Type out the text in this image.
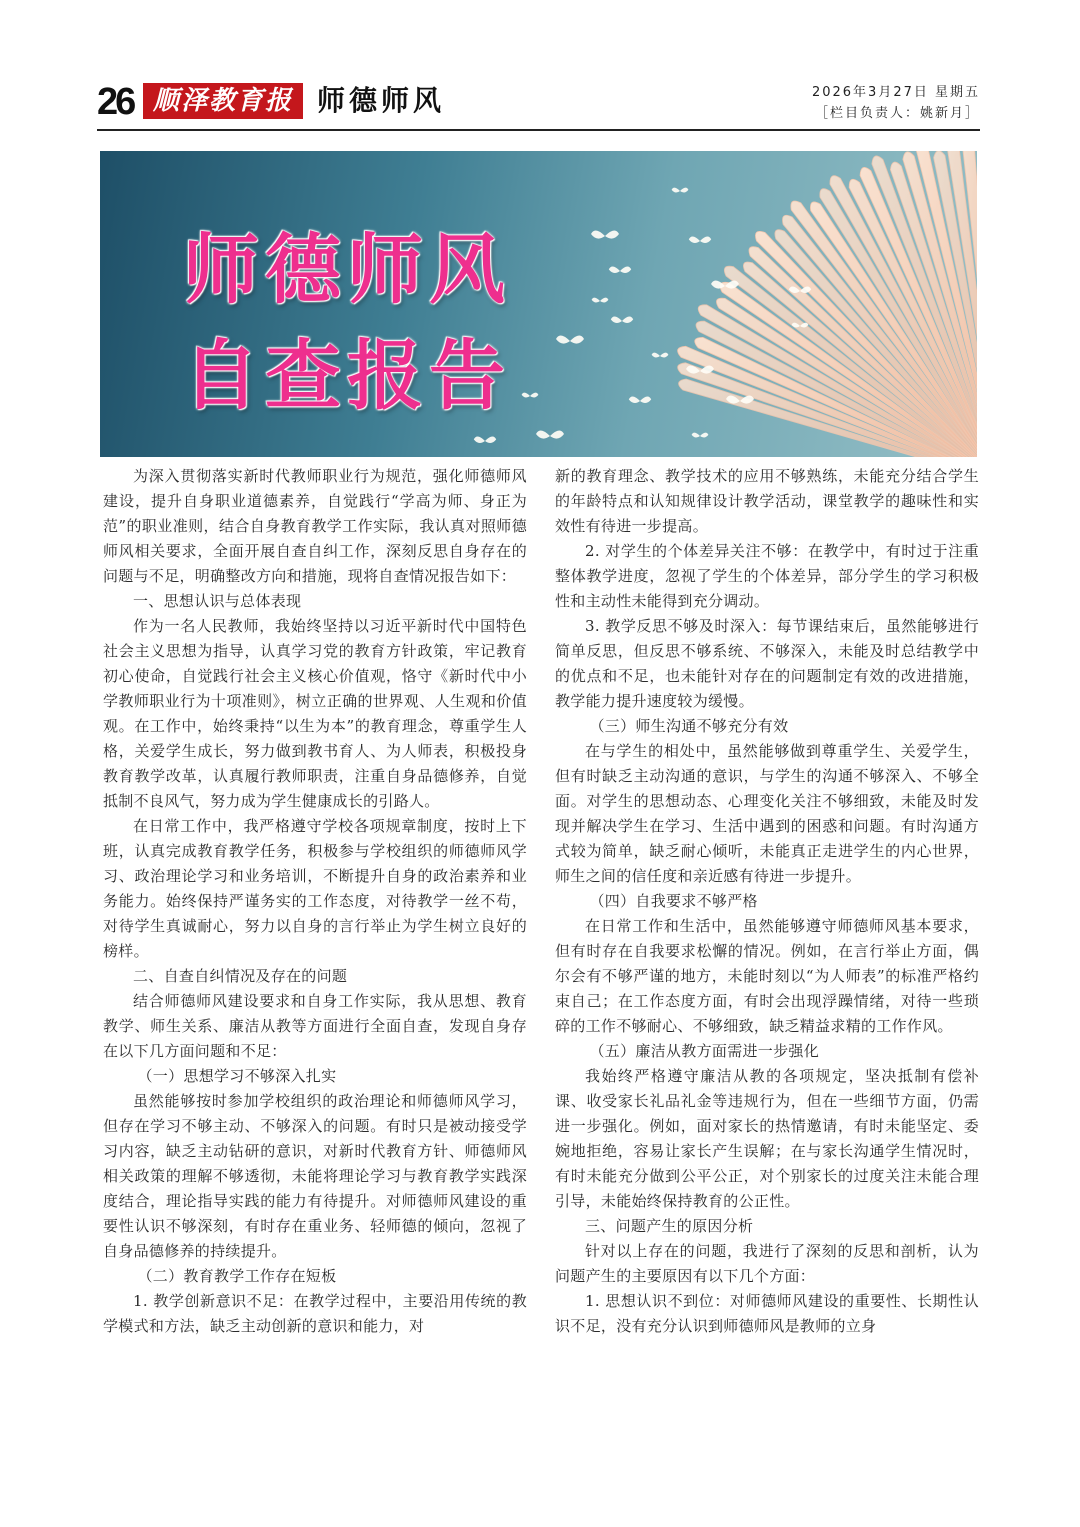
26 顺泽教育报 师德师风	2026年3月27日 星期五
［栏目负责人：姚新月］
师德师风
自查报告

为深入贯彻落实新时代教师职业行为规范，强化师德师风建设，提升自身职业道德素养，自觉践行“学高为师、身正为范”的职业准则，结合自身教育教学工作实际，我认真对照师德师风相关要求，全面开展自查自纠工作，深刻反思自身存在的问题与不足，明确整改方向和措施，现将自查情况报告如下：

一、思想认识与总体表现

作为一名人民教师，我始终坚持以习近平新时代中国特色社会主义思想为指导，认真学习党的教育方针政策，牢记教育初心使命，自觉践行社会主义核心价值观，恪守《新时代中小学教师职业行为十项准则》，树立正确的世界观、人生观和价值观。在工作中，始终秉持“以生为本”的教育理念，尊重学生人格，关爱学生成长，努力做到教书育人、为人师表，积极投身教育教学改革，认真履行教师职责，注重自身品德修养，自觉抵制不良风气，努力成为学生健康成长的引路人。

在日常工作中，我严格遵守学校各项规章制度，按时上下班，认真完成教育教学任务，积极参与学校组织的师德师风学习、政治理论学习和业务培训，不断提升自身的政治素养和业务能力。始终保持严谨务实的工作态度，对待教学一丝不苟，对待学生真诚耐心，努力以自身的言行举止为学生树立良好的榜样。

二、自查自纠情况及存在的问题

结合师德师风建设要求和自身工作实际，我从思想、教育教学、师生关系、廉洁从教等方面进行全面自查，发现自身存在以下几方面问题和不足：

（一）思想学习不够深入扎实

虽然能够按时参加学校组织的政治理论和师德师风学习，但存在学习不够主动、不够深入的问题。有时只是被动接受学习内容，缺乏主动钻研的意识，对新时代教育方针、师德师风相关政策的理解不够透彻，未能将理论学习与教育教学实践深度结合，理论指导实践的能力有待提升。对师德师风建设的重要性认识不够深刻，有时存在重业务、轻师德的倾向，忽视了自身品德修养的持续提升。

（二）教育教学工作存在短板

1. 教学创新意识不足：在教学过程中，主要沿用传统的教学模式和方法，缺乏主动创新的意识和能力，对

新的教育理念、教学技术的应用不够熟练，未能充分结合学生的年龄特点和认知规律设计教学活动，课堂教学的趣味性和实效性有待进一步提高。

2. 对学生的个体差异关注不够：在教学中，有时过于注重整体教学进度，忽视了学生的个体差异，部分学生的学习积极性和主动性未能得到充分调动。

3. 教学反思不够及时深入：每节课结束后，虽然能够进行简单反思，但反思不够系统、不够深入，未能及时总结教学中的优点和不足，也未能针对存在的问题制定有效的改进措施，教学能力提升速度较为缓慢。

（三）师生沟通不够充分有效

在与学生的相处中，虽然能够做到尊重学生、关爱学生，但有时缺乏主动沟通的意识，与学生的沟通不够深入、不够全面。对学生的思想动态、心理变化关注不够细致，未能及时发现并解决学生在学习、生活中遇到的困惑和问题。有时沟通方式较为简单，缺乏耐心倾听，未能真正走进学生的内心世界，师生之间的信任度和亲近感有待进一步提升。

（四）自我要求不够严格

在日常工作和生活中，虽然能够遵守师德师风基本要求，但有时存在自我要求松懈的情况。例如，在言行举止方面，偶尔会有不够严谨的地方，未能时刻以“为人师表”的标准严格约束自己；在工作态度方面，有时会出现浮躁情绪，对待一些琐碎的工作不够耐心、不够细致，缺乏精益求精的工作作风。

（五）廉洁从教方面需进一步强化

我始终严格遵守廉洁从教的各项规定，坚决抵制有偿补课、收受家长礼品礼金等违规行为，但在一些细节方面，仍需进一步强化。例如，面对家长的热情邀请，有时未能坚定、委婉地拒绝，容易让家长产生误解；在与家长沟通学生情况时，有时未能充分做到公平公正，对个别家长的过度关注未能合理引导，未能始终保持教育的公正性。

三、问题产生的原因分析

针对以上存在的问题，我进行了深刻的反思和剖析，认为问题产生的主要原因有以下几个方面：

1. 思想认识不到位：对师德师风建设的重要性、长期性认识不足，没有充分认识到师德师风是教师的立身
